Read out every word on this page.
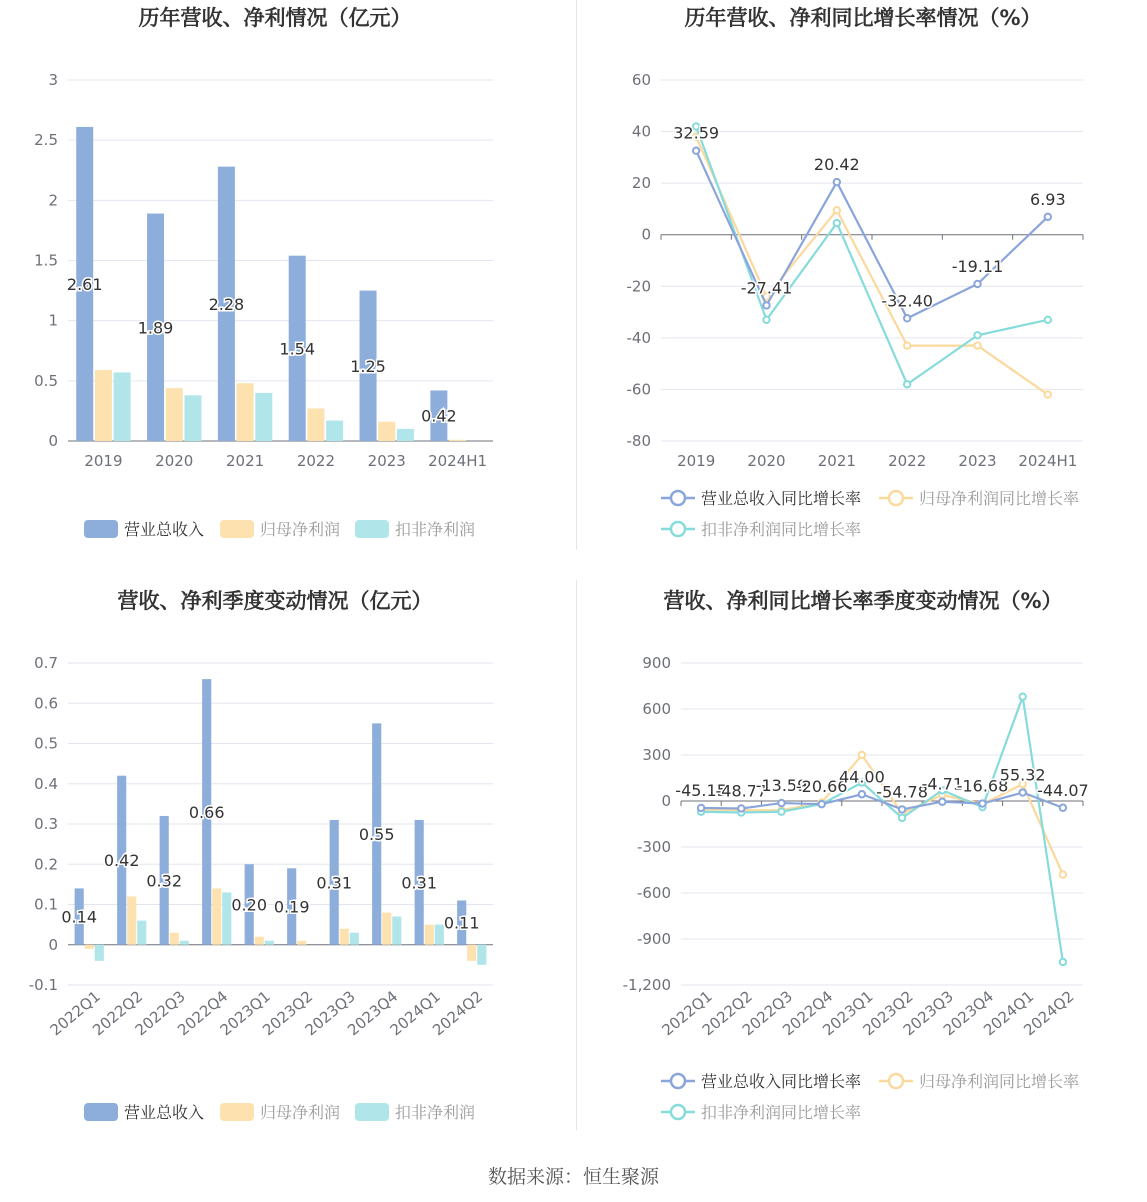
历年营收、净利情况（亿元）
3
2.5
2
1.5
1
0.5
0
2019 2020 2021 2022 2023 2024H1
2.61
1.89
2.28
1.54
1.25
0.42
营业总收入	归母净利润	扣非净利润
历年营收、净利同比增长率情况（%）
60
40
20
0
-20
-40
-60
-80
2019 2020 2021 2022 2023 2024H1
32.59
-27.41
20.42
-32.40
-19.11
6.93
营业总收入同比增长率	归母净利润同比增长率
扣非净利润同比增长率
营收、净利季度变动情况（亿元）
0.7
0.6
0.5
0.4
0.3
0.2
0.1
0
-0.1
2022Q1
2022Q2
2022Q3
2022Q4
2023Q1
2023Q2
2023Q3
2023Q4
2024Q1
2024Q2
0.14
0.42
0.32
0.66
0.20 0.19
0.31
0.55
0.31
0.11
营业总收入	归母净利润	扣非净利润
营收、净利同比增长率季度变动情况（%）
900
600
300
0
-300
-600
-900
-1,200
2022Q1
2022Q2
2022Q3
2022Q4
2023Q1
2023Q2
2023Q3
2023Q4
2024Q1
2024Q2
-45.15
-48.77
-13.59
-20.66
44.00
-54.78
-4.71
-16.68
55.32
-44.07
营业总收入同比增长率	归母净利润同比增长率
扣非净利润同比增长率
数据来源：恒生聚源
